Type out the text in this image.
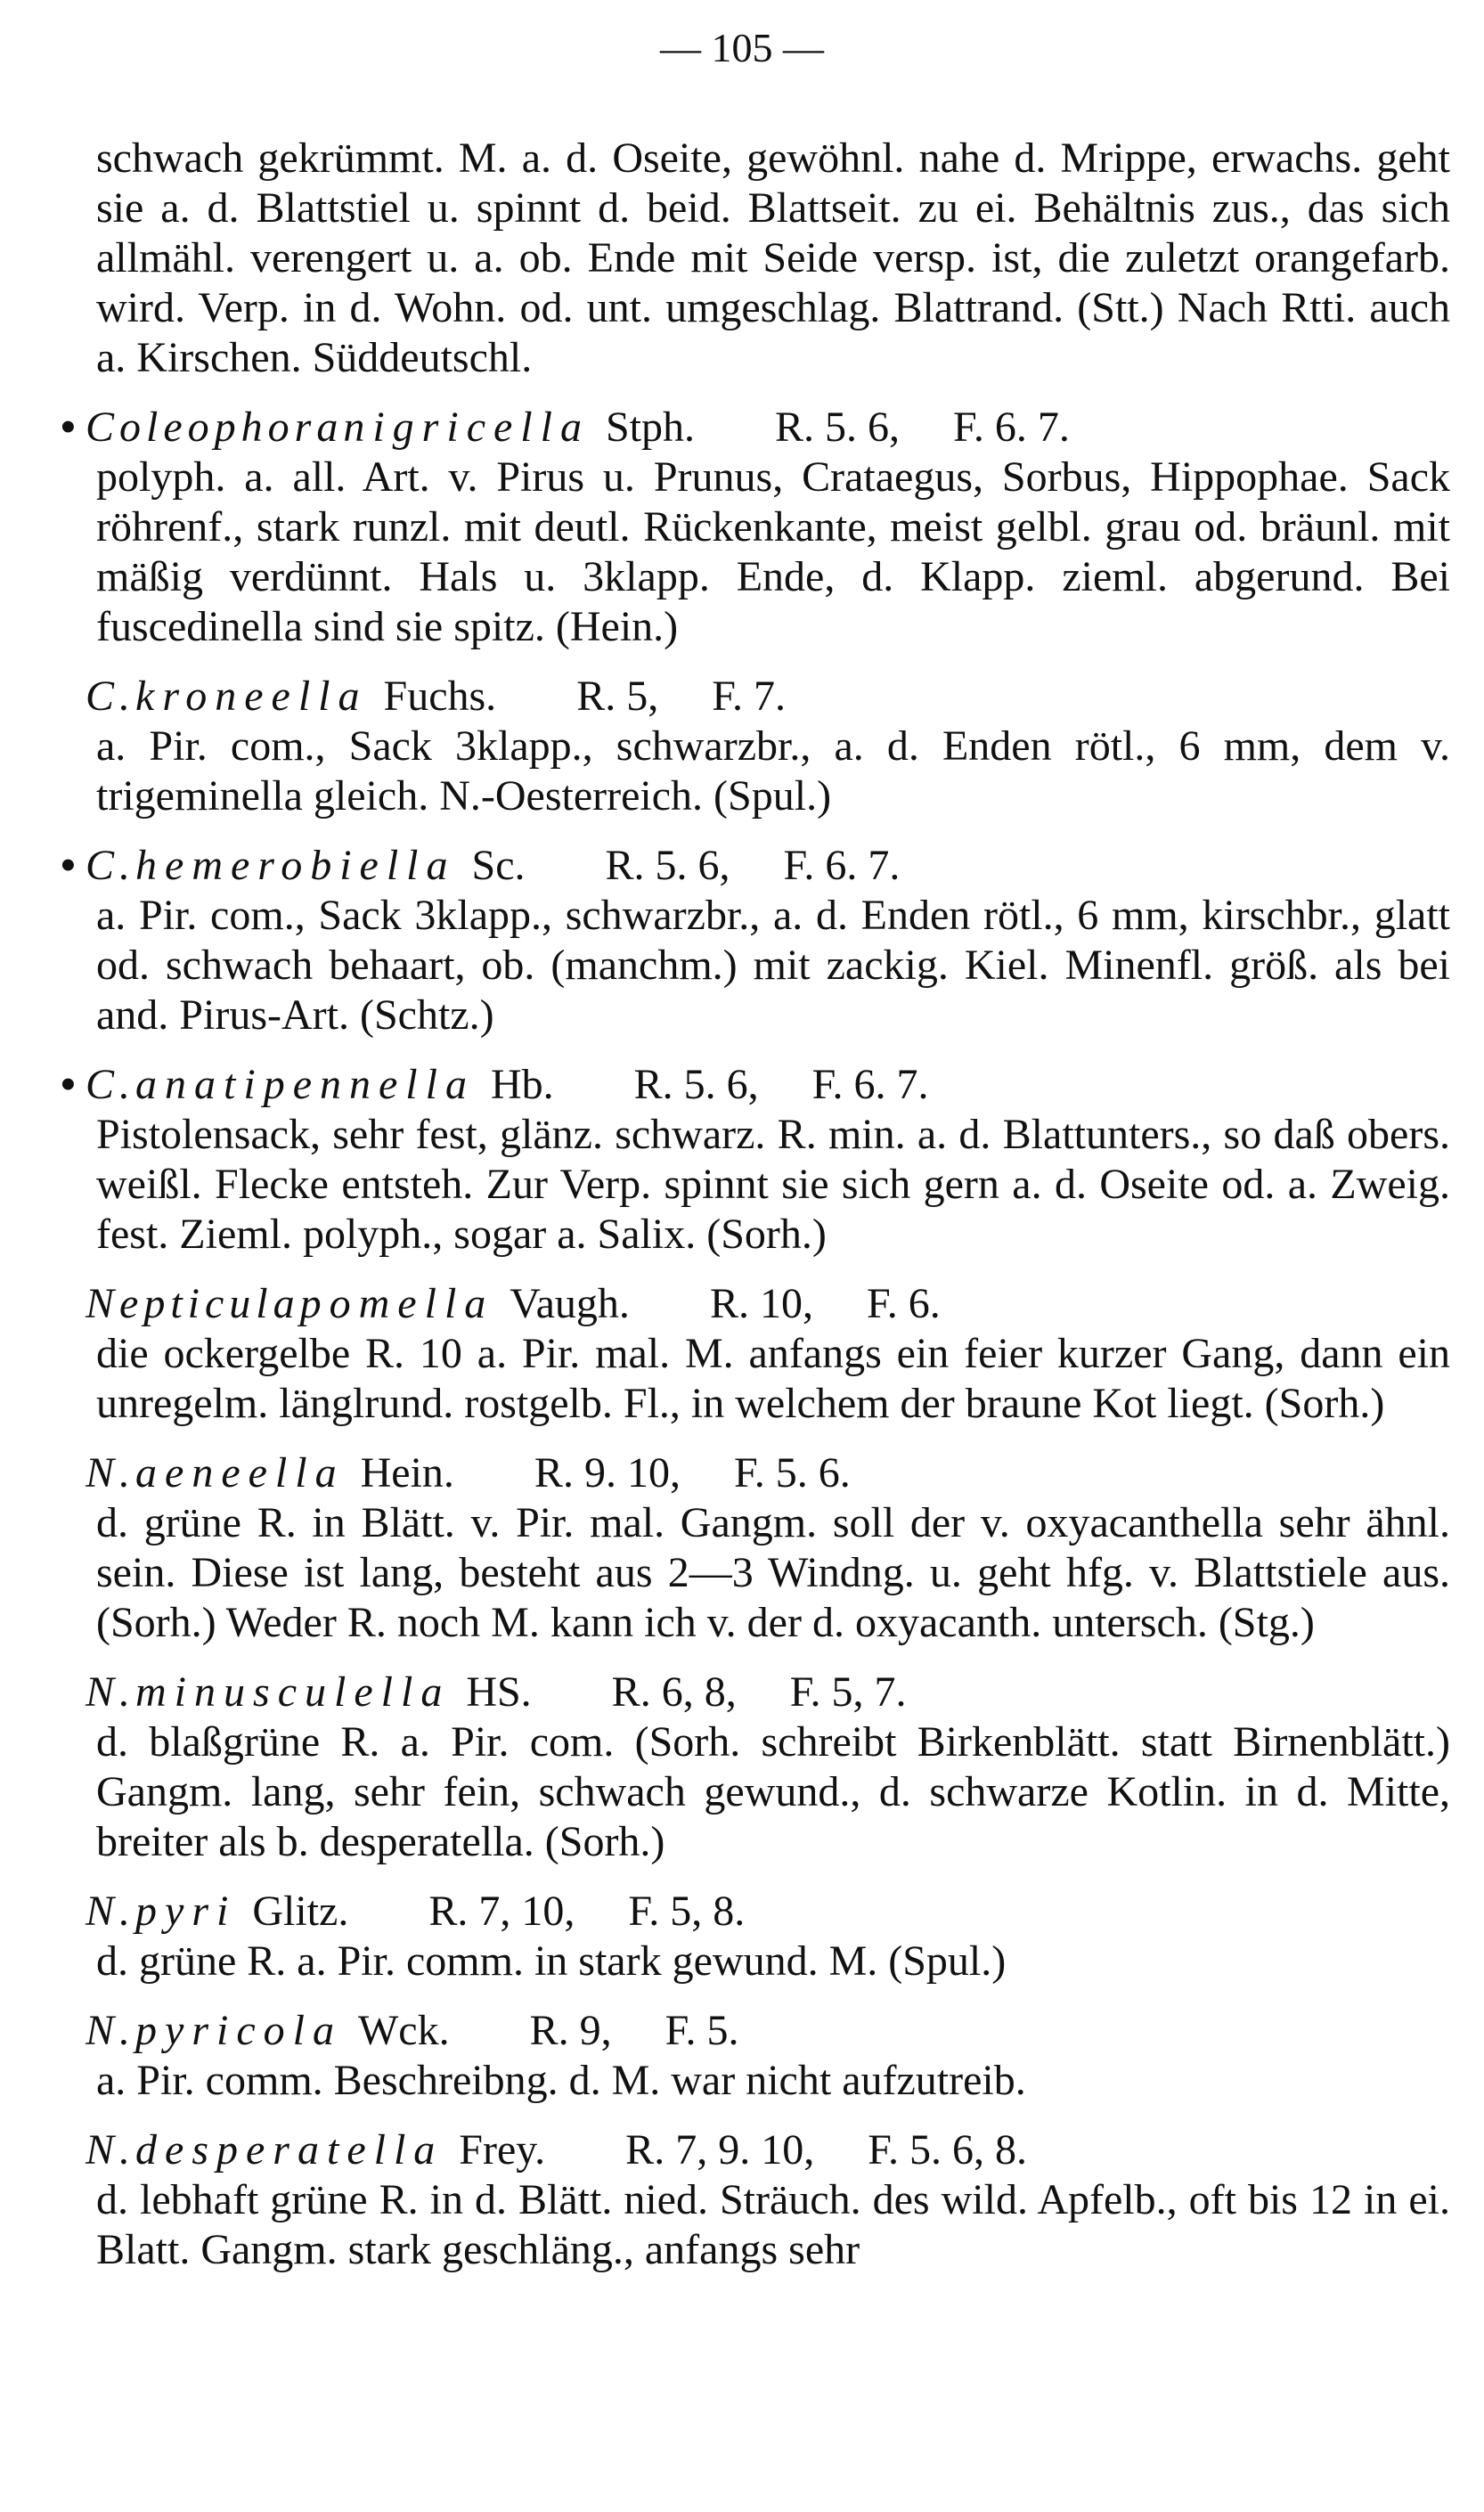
— 105 —
schwach gekrümmt. M. a. d. Oseite, gewöhnl. nahe d. Mrippe, erwachs. geht sie a. d. Blattstiel u. spinnt d. beid. Blattseit. zu ei. Behältnis zus., das sich allmähl. verengert u. a. ob. Ende mit Seide versp. ist, die zuletzt orangefarb. wird. Verp. in d. Wohn. od. unt. umgeschlag. Blattrand. (Stt.) Nach Rtti. auch a. Kirschen. Süddeutschl.
• Coleophora nigricella Stph. R. 5. 6, F. 6. 7.
polyph. a. all. Art. v. Pirus u. Prunus, Crataegus, Sorbus, Hippophae. Sack röhrenf., stark runzl. mit deutl. Rückenkante, meist gelbl. grau od. bräunl. mit mäßig verdünnt. Hals u. 3klapp. Ende, d. Klapp. zieml. abgerund. Bei fuscedinella sind sie spitz. (Hein.)
C. kroneella Fuchs. R. 5, F. 7.
a. Pir. com., Sack 3klapp., schwarzbr., a. d. Enden rötl., 6 mm, dem v. trigeminella gleich. N.-Oesterreich. (Spul.)
• C. hemerobiella Sc. R. 5. 6, F. 6. 7.
a. Pir. com., Sack 3klapp., schwarzbr., a. d. Enden rötl., 6 mm, kirschbr., glatt od. schwach behaart, ob. (manchm.) mit zackig. Kiel. Minenfl. größ. als bei and. Pirus-Art. (Schtz.)
• C. anatipennella Hb. R. 5. 6, F. 6. 7.
Pistolensack, sehr fest, glänz. schwarz. R. min. a. d. Blattunters., so daß obers. weißl. Flecke entsteh. Zur Verp. spinnt sie sich gern a. d. Oseite od. a. Zweig. fest. Zieml. polyph., sogar a. Salix. (Sorh.)
Nepticula pomella Vaugh. R. 10, F. 6.
die ockergelbe R. 10 a. Pir. mal. M. anfangs ein feier kurzer Gang, dann ein unregelm. länglrund. rostgelb. Fl., in welchem der braune Kot liegt. (Sorh.)
N. aeneella Hein. R. 9. 10, F. 5. 6.
d. grüne R. in Blätt. v. Pir. mal. Gangm. soll der v. oxyacanthella sehr ähnl. sein. Diese ist lang, besteht aus 2—3 Windng. u. geht hfg. v. Blattstiele aus. (Sorh.) Weder R. noch M. kann ich v. der d. oxyacanth. untersch. (Stg.)
N. minusculella HS. R. 6, 8, F. 5, 7.
d. blaßgrüne R. a. Pir. com. (Sorh. schreibt Birkenblätt. statt Birnenblätt.) Gangm. lang, sehr fein, schwach gewund., d. schwarze Kotlin. in d. Mitte, breiter als b. desperatella. (Sorh.)
N. pyri Glitz. R. 7, 10, F. 5, 8.
d. grüne R. a. Pir. comm. in stark gewund. M. (Spul.)
N. pyricola Wck. R. 9, F. 5.
a. Pir. comm. Beschreibng. d. M. war nicht aufzutreib.
N. desperatella Frey. R. 7, 9. 10, F. 5. 6, 8.
d. lebhaft grüne R. in d. Blätt. nied. Sträuch. des wild. Apfelb., oft bis 12 in ei. Blatt. Gangm. stark geschläng., anfangs sehr
